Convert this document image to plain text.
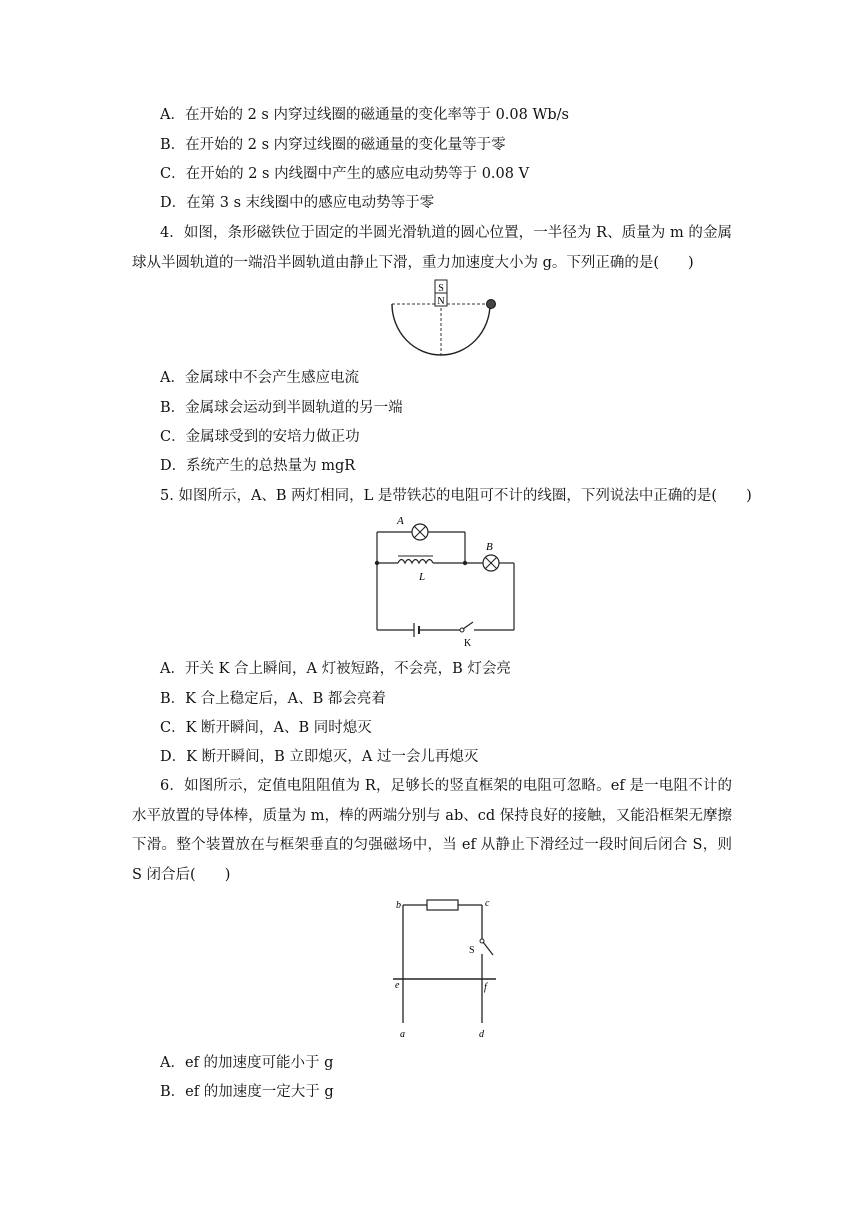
A．在开始的 2 s 内穿过线圈的磁通量的变化率等于 0.08 Wb/s
B．在开始的 2 s 内穿过线圈的磁通量的变化量等于零
C．在开始的 2 s 内线圈中产生的感应电动势等于 0.08 V
D．在第 3 s 末线圈中的感应电动势等于零
4．如图，条形磁铁位于固定的半圆光滑轨道的圆心位置，一半径为 R、质量为 m 的金属球从半圆轨道的一端沿半圆轨道由静止下滑，重力加速度大小为 g。下列正确的是(　　)
S
N
A．金属球中不会产生感应电流
B．金属球会运动到半圆轨道的另一端
C．金属球受到的安培力做正功
D．系统产生的总热量为 mgR
5. 如图所示，A、B 两灯相同，L 是带铁芯的电阻可不计的线圈，下列说法中正确的是(　　)
A
L
B
K
A．开关 K 合上瞬间，A 灯被短路，不会亮，B 灯会亮
B．K 合上稳定后，A、B 都会亮着
C．K 断开瞬间，A、B 同时熄灭
D．K 断开瞬间，B 立即熄灭，A 过一会儿再熄灭
6．如图所示，定值电阻阻值为 R，足够长的竖直框架的电阻可忽略。ef 是一电阻不计的水平放置的导体棒，质量为 m，棒的两端分别与 ab、cd 保持良好的接触，又能沿框架无摩擦下滑。整个装置放在与框架垂直的匀强磁场中，当 ef 从静止下滑经过一段时间后闭合 S，则 S 闭合后(　　)
b	c
S
e	f
a	d
A．ef 的加速度可能小于 g
B．ef 的加速度一定大于 g
